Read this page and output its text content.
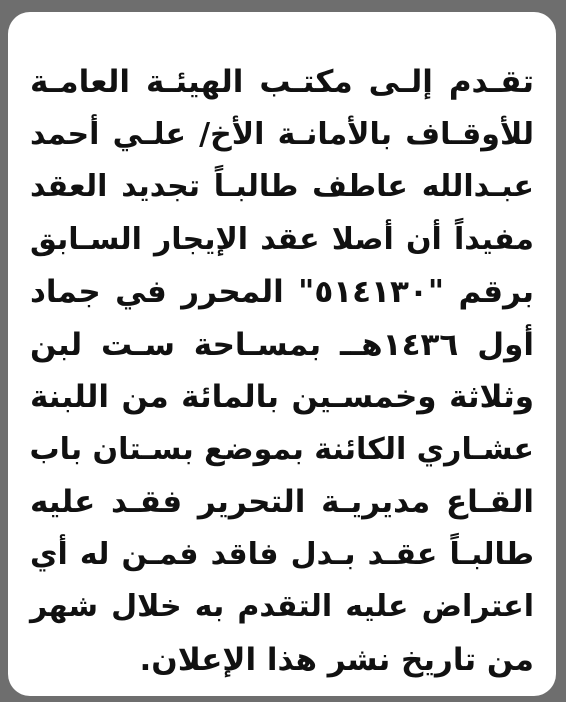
تقـدم إلـى مكتـب الهيئـة العامـة
للأوقـاف بالأمانـة الأخ/ علـي أحمد
عبـدالله عاطف طالبـاً تجديد العقد
مفيداً أن أصلا عقد الإيجار السـابق
برقم "٥١٤١٣٠" المحرر في جماد
أول ١٤٣٦هــ بمسـاحة سـت لبن
وثلاثة وخمسـين بالمائة من اللبنة
عشـاري الكائنة بموضع بسـتان باب
القـاع مديريـة التحرير فقـد عليه
طالبـاً عقـد بـدل فاقد فمـن له أي
اعتراض عليه التقدم به خلال شهر
من تاريخ نشر هذا الإعلان.
